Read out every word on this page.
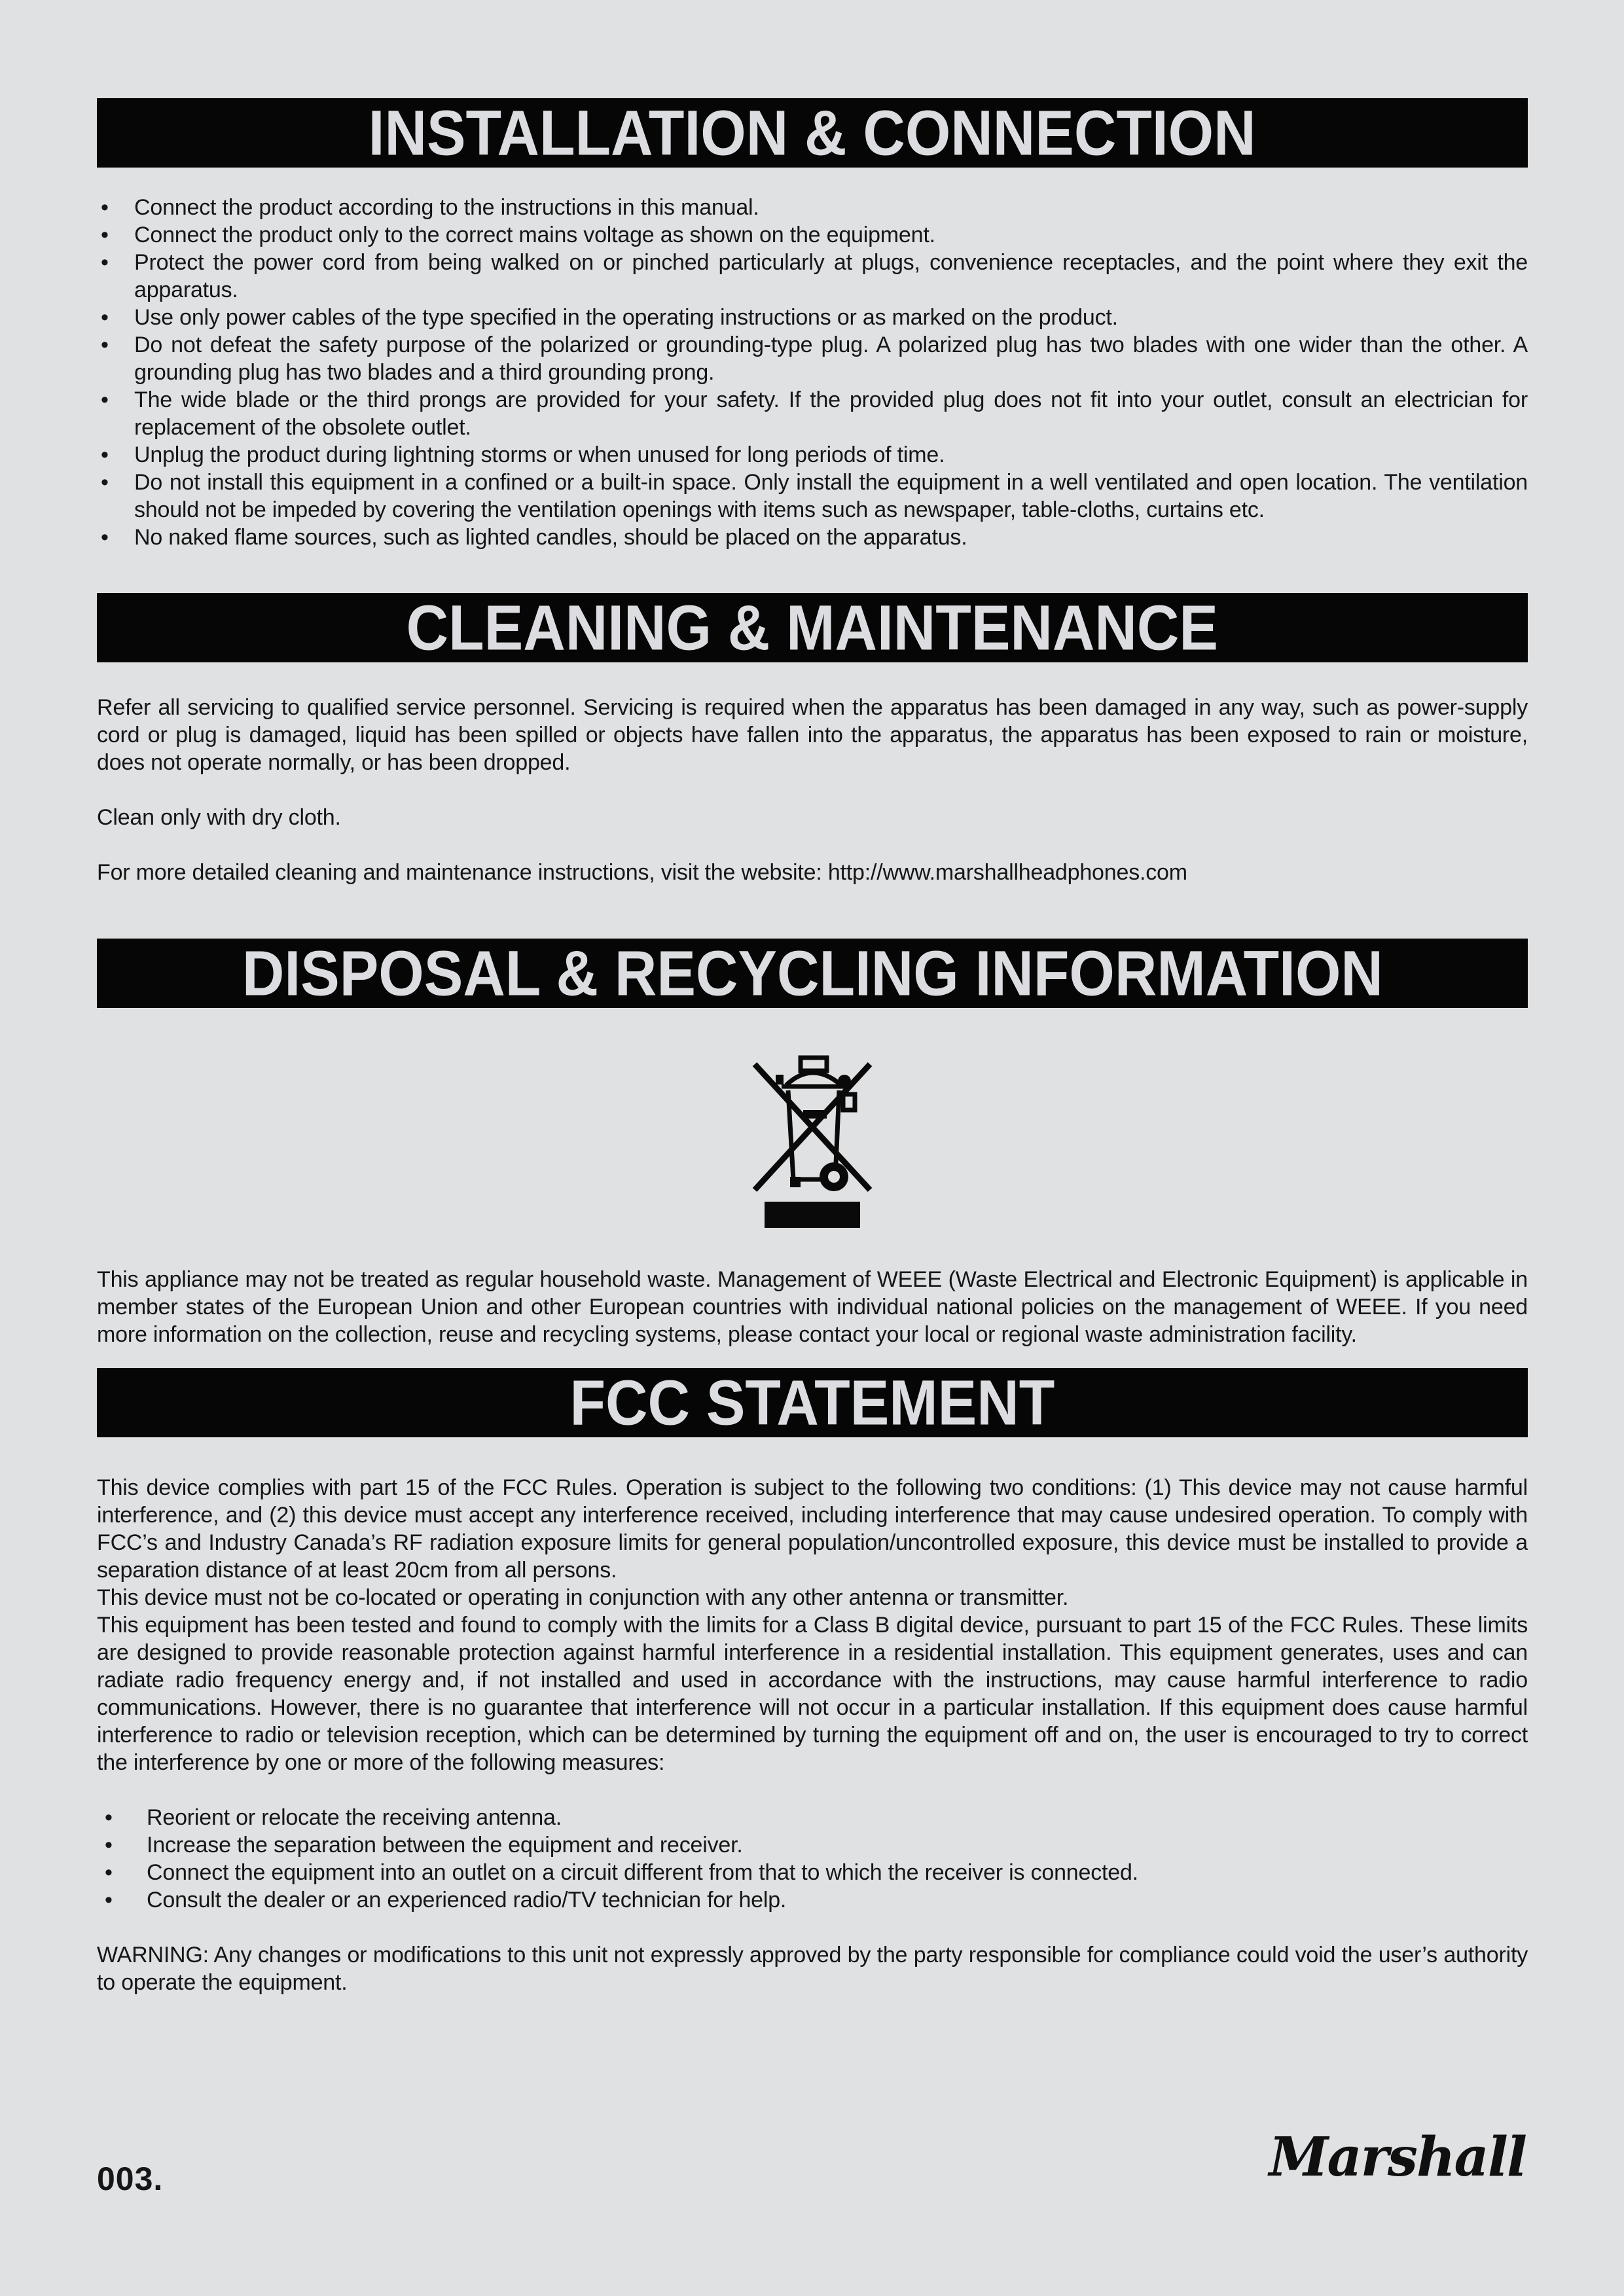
INSTALLATION & CONNECTION
• Connect the product according to the instructions in this manual.
• Connect the product only to the correct mains voltage as shown on the equipment.
• Protect the power cord from being walked on or pinched particularly at plugs, convenience receptacles, and the point where they exit the apparatus.
• Use only power cables of the type specified in the operating instructions or as marked on the product.
• Do not defeat the safety purpose of the polarized or grounding-type plug. A polarized plug has two blades with one wider than the other. A grounding plug has two blades and a third grounding prong.
• The wide blade or the third prongs are provided for your safety. If the provided plug does not fit into your outlet, consult an electrician for replacement of the obsolete outlet.
• Unplug the product during lightning storms or when unused for long periods of time.
• Do not install this equipment in a confined or a built-in space. Only install the equipment in a well ventilated and open location. The ventilation should not be impeded by covering the ventilation openings with items such as newspaper, table-cloths, curtains etc.
• No naked flame sources, such as lighted candles, should be placed on the apparatus.
CLEANING & MAINTENANCE

Refer all servicing to qualified service personnel. Servicing is required when the apparatus has been damaged in any way, such as power-supply cord or plug is damaged, liquid has been spilled or objects have fallen into the apparatus, the apparatus has been exposed to rain or moisture, does not operate normally, or has been dropped.

Clean only with dry cloth.

For more detailed cleaning and maintenance instructions, visit the website: http://www.marshallheadphones.com

DISPOSAL & RECYCLING INFORMATION

This appliance may not be treated as regular household waste. Management of WEEE (Waste Electrical and Electronic Equipment) is applicable in member states of the European Union and other European countries with individual national policies on the management of WEEE. If you need more information on the collection, reuse and recycling systems, please contact your local or regional waste administration facility.

FCC STATEMENT

This device complies with part 15 of the FCC Rules. Operation is subject to the following two conditions: (1) This device may not cause harmful interference, and (2) this device must accept any interference received, including interference that may cause undesired operation. To comply with FCC’s and Industry Canada’s RF radiation exposure limits for general population/uncontrolled exposure, this device must be installed to provide a separation distance of at least 20cm from all persons.

This device must not be co-located or operating in conjunction with any other antenna or transmitter.

This equipment has been tested and found to comply with the limits for a Class B digital device, pursuant to part 15 of the FCC Rules. These limits are designed to provide reasonable protection against harmful interference in a residential installation. This equipment generates, uses and can radiate radio frequency energy and, if not installed and used in accordance with the instructions, may cause harmful interference to radio communications. However, there is no guarantee that interference will not occur in a particular installation. If this equipment does cause harmful interference to radio or television reception, which can be determined by turning the equipment off and on, the user is encouraged to try to correct the interference by one or more of the following measures:

• Reorient or relocate the receiving antenna.
• Increase the separation between the equipment and receiver.
• Connect the equipment into an outlet on a circuit different from that to which the receiver is connected.
• Consult the dealer or an experienced radio/TV technician for help.

WARNING: Any changes or modifications to this unit not expressly approved by the party responsible for compliance could void the user’s authority to operate the equipment.

003.	Marshall
